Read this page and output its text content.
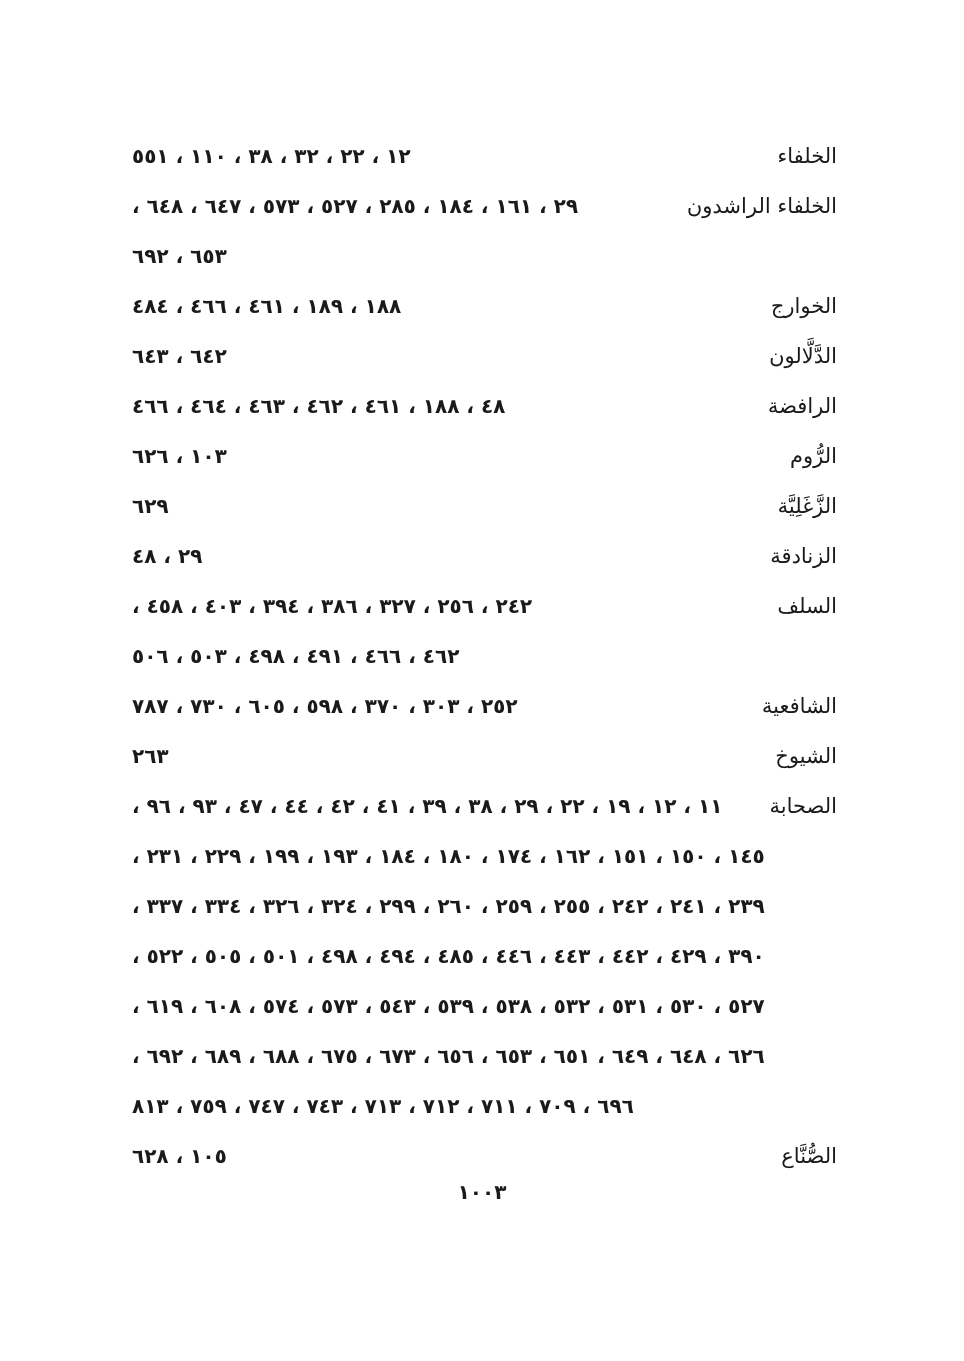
الخلفاء
١٢ ، ٢٢ ، ٣٢ ، ٣٨ ، ١١٠ ، ٥٥١
الخلفاء الراشدون
٢٩ ، ١٦١ ، ١٨٤ ، ٢٨٥ ، ٥٢٧ ، ٥٧٣ ، ٦٤٧ ، ٦٤٨ ،
٦٥٣ ، ٦٩٢
الخوارج
١٨٨ ، ١٨٩ ، ٤٦١ ، ٤٦٦ ، ٤٨٤
الدَّلَّالون
٦٤٢ ، ٦٤٣
الرافضة
٤٨ ، ١٨٨ ، ٤٦١ ، ٤٦٢ ، ٤٦٣ ، ٤٦٤ ، ٤٦٦
الرُّوم
١٠٣ ، ٦٢٦
الزَّغَلِيَّة
٦٢٩
الزنادقة
٢٩ ، ٤٨
السلف
٢٤٢ ، ٢٥٦ ، ٣٢٧ ، ٣٨٦ ، ٣٩٤ ، ٤٠٣ ، ٤٥٨ ،
٤٦٢ ، ٤٦٦ ، ٤٩١ ، ٤٩٨ ، ٥٠٣ ، ٥٠٦
الشافعية
٢٥٢ ، ٣٠٣ ، ٣٧٠ ، ٥٩٨ ، ٦٠٥ ، ٧٣٠ ، ٧٨٧
الشيوخ
٢٦٣
الصحابة
١١ ، ١٢ ، ١٩ ، ٢٢ ، ٢٩ ، ٣٨ ، ٣٩ ، ٤١ ، ٤٢ ، ٤٤ ، ٤٧ ، ٩٣ ، ٩٦ ،
١٤٥ ، ١٥٠ ، ١٥١ ، ١٦٢ ، ١٧٤ ، ١٨٠ ، ١٨٤ ، ١٩٣ ، ١٩٩ ، ٢٢٩ ، ٢٣١ ،
٢٣٩ ، ٢٤١ ، ٢٤٢ ، ٢٥٥ ، ٢٥٩ ، ٢٦٠ ، ٢٩٩ ، ٣٢٤ ، ٣٢٦ ، ٣٣٤ ، ٣٣٧ ،
٣٩٠ ، ٤٢٩ ، ٤٤٢ ، ٤٤٣ ، ٤٤٦ ، ٤٨٥ ، ٤٩٤ ، ٤٩٨ ، ٥٠١ ، ٥٠٥ ، ٥٢٢ ،
٥٢٧ ، ٥٣٠ ، ٥٣١ ، ٥٣٢ ، ٥٣٨ ، ٥٣٩ ، ٥٤٣ ، ٥٧٣ ، ٥٧٤ ، ٦٠٨ ، ٦١٩ ،
٦٢٦ ، ٦٤٨ ، ٦٤٩ ، ٦٥١ ، ٦٥٣ ، ٦٥٦ ، ٦٧٣ ، ٦٧٥ ، ٦٨٨ ، ٦٨٩ ، ٦٩٢ ،
٦٩٦ ، ٧٠٩ ، ٧١١ ، ٧١٢ ، ٧١٣ ، ٧٤٣ ، ٧٤٧ ، ٧٥٩ ، ٨١٣
الصُّنَّاع
١٠٥ ، ٦٢٨
١٠٠٣
